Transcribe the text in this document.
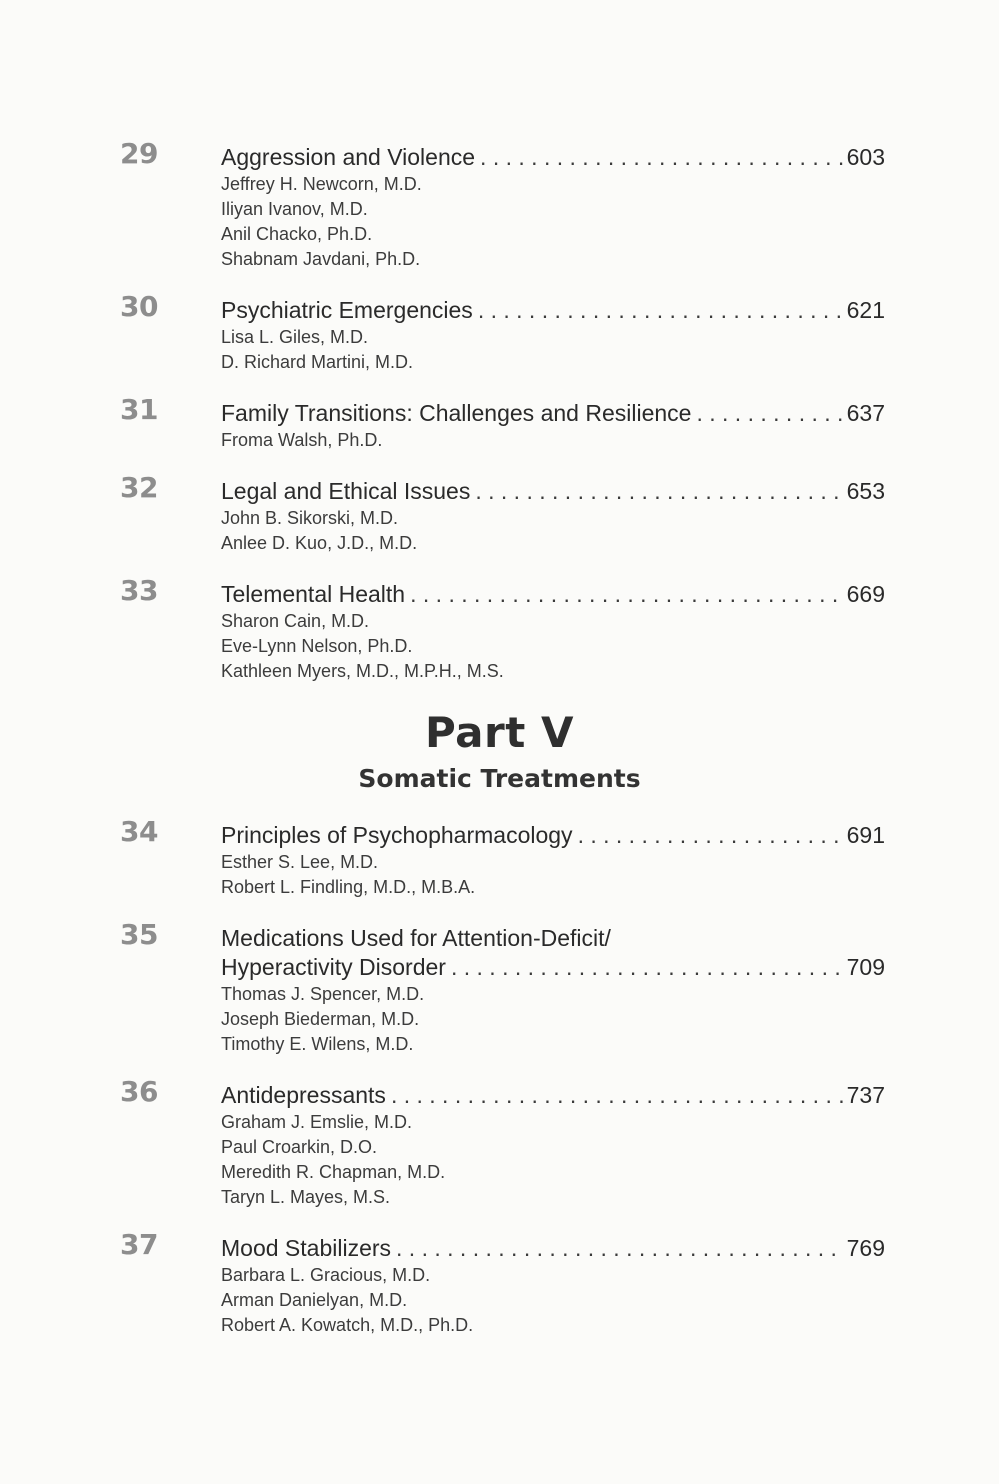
29	Aggression and Violence . . .	603
Jeffrey H. Newcorn, M.D.
Iliyan Ivanov, M.D.
Anil Chacko, Ph.D.
Shabnam Javdani, Ph.D.
30	Psychiatric Emergencies . . .	621
Lisa L. Giles, M.D.
D. Richard Martini, M.D.
31	Family Transitions: Challenges and Resilience . . .	637
Froma Walsh, Ph.D.
32	Legal and Ethical Issues . . .	653
John B. Sikorski, M.D.
Anlee D. Kuo, J.D., M.D.
33	Telemental Health . . .	669
Sharon Cain, M.D.
Eve-Lynn Nelson, Ph.D.
Kathleen Myers, M.D., M.P.H., M.S.
Part V
Somatic Treatments
34	Principles of Psychopharmacology . . .	691
Esther S. Lee, M.D.
Robert L. Findling, M.D., M.B.A.
35	Medications Used for Attention-Deficit/
Hyperactivity Disorder . . .	709
Thomas J. Spencer, M.D.
Joseph Biederman, M.D.
Timothy E. Wilens, M.D.
36	Antidepressants . . .	737
Graham J. Emslie, M.D.
Paul Croarkin, D.O.
Meredith R. Chapman, M.D.
Taryn L. Mayes, M.S.
37	Mood Stabilizers . . .	769
Barbara L. Gracious, M.D.
Arman Danielyan, M.D.
Robert A. Kowatch, M.D., Ph.D.
